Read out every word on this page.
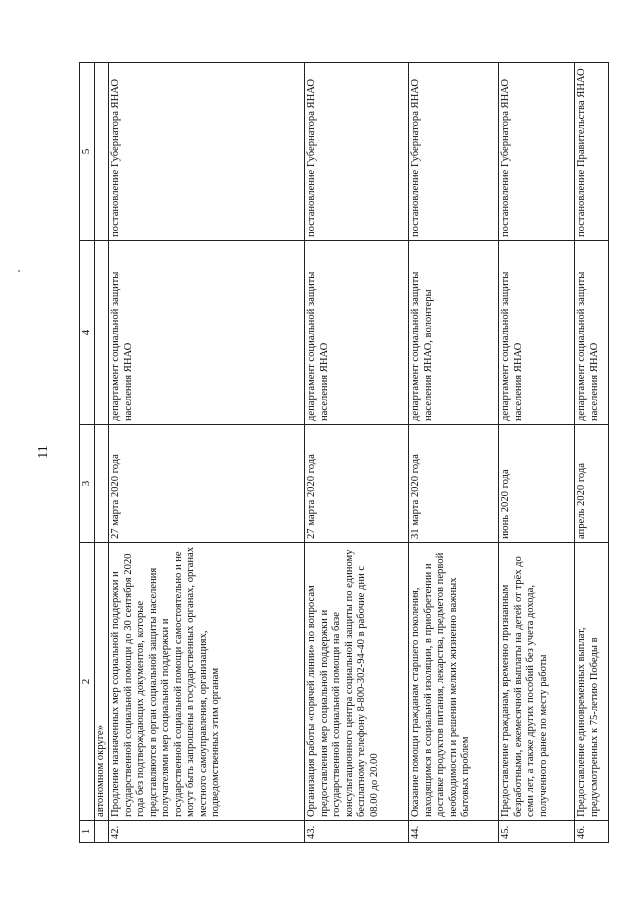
11
1	2	3	4	5
	автономном округе»			
42.	Продление назначенных мер социальной поддержки и государственной социальной помощи до 30 сентября 2020 года без подтверждающих документов, которые представляются в орган социальной защиты населения получателями мер социальной поддержки и государственной социальной помощи самостоятельно и не могут быть запрошены в государственных органах, органах местного самоуправления, организациях, подведомственных этим органам	27 марта 2020 года	департамент социальной защиты населения ЯНАО	постановление Губернатора ЯНАО
43.	Организация работы «горячей линии» по вопросам предоставления мер социальной поддержки и государственной социальной помощи на базе консультационного центра социальной защиты по единому бесплатному телефону 8-800-302-94-40 в рабочие дни с 08.00 до 20.00	27 марта 2020 года	департамент социальной защиты населения ЯНАО	постановление Губернатора ЯНАО
44.	Оказание помощи гражданам старшего поколения, находящимся в социальной изоляции, в приобретении и доставке продуктов питания, лекарства, предметов первой необходимости и решении мелких жизненно важных бытовых проблем	31 марта 2020 года	департамент социальной защиты населения ЯНАО, волонтеры	постановление Губернатора ЯНАО
45.	Предоставление гражданам, временно признанным безработными, ежемесячной выплаты на детей от трёх до семи лет, а также других пособий без учета дохода, полученного ранее по месту работы	июнь 2020 года	департамент социальной защиты населения ЯНАО	постановление Губернатора ЯНАО
46.	Предоставление единовременных выплат, предусмотренных к 75-летию Победы в	апрель 2020 года	департамент социальной защиты населения ЯНАО	постановление Правительства ЯНАО
